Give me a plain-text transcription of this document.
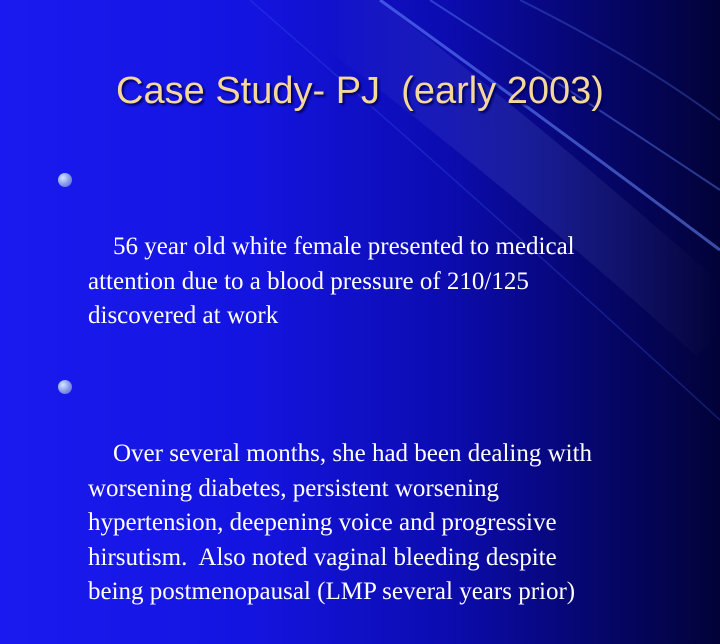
Case Study- PJ  (early 2003)

56 year old white female presented to medical
attention due to a blood pressure of 210/125
discovered at work

Over several months, she had been dealing with
worsening diabetes, persistent worsening
hypertension, deepening voice and progressive
hirsutism.  Also noted vaginal bleeding despite
being postmenopausal (LMP several years prior)
